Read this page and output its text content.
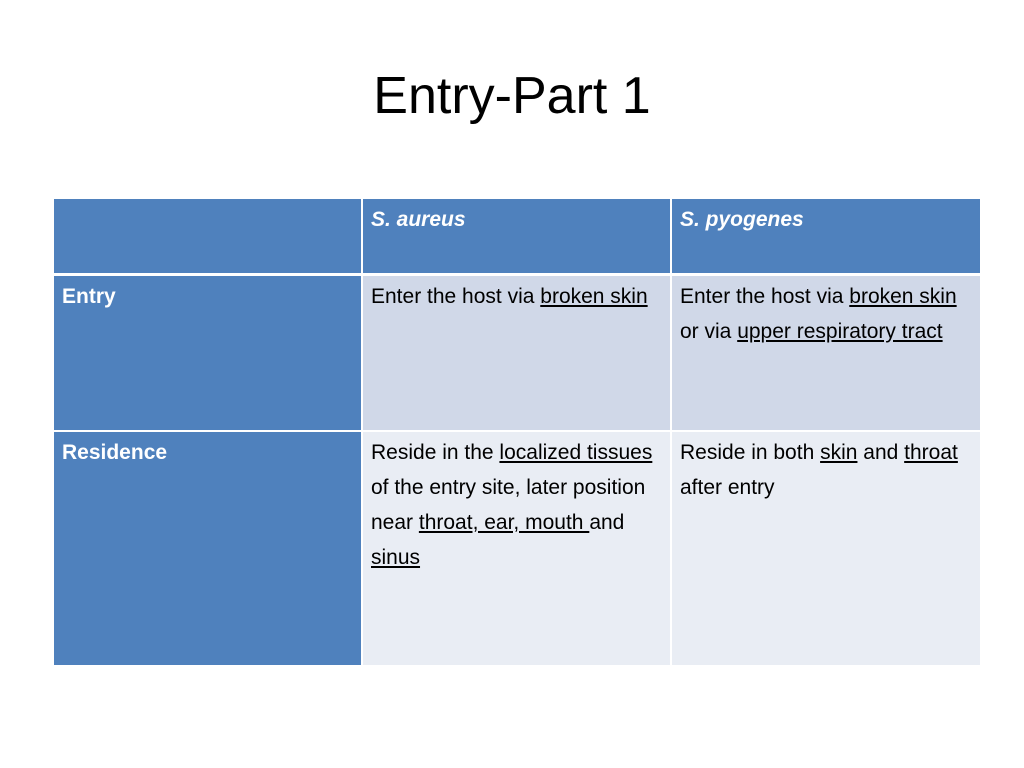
Entry-Part 1
	S. aureus	S. pyogenes
Entry	Enter the host via broken skin	Enter the host via broken skin or via upper respiratory tract
Residence	Reside in the localized tissues of the entry site, later position near throat, ear, mouth and sinus	Reside in both skin and throat after entry
